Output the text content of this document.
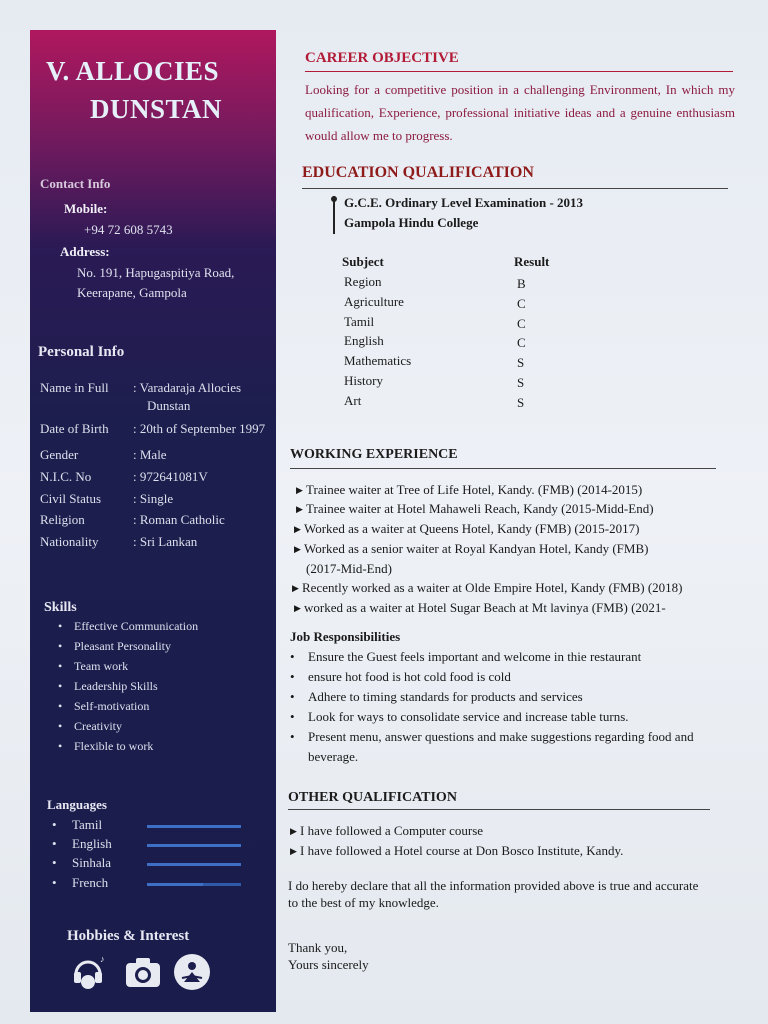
V. ALLOCIES
DUNSTAN
Contact Info
Mobile:
+94 72 608 5743
Address:
No. 191, Hapugaspitiya Road,
Keerapane, Gampola
Personal Info
Name in Full	: Varadaraja Allocies
Dunstan
Date of Birth	: 20th of September 1997
Gender	: Male
N.I.C. No	: 972641081V
Civil Status	: Single
Religion	: Roman Catholic
Nationality	: Sri Lankan
Skills
• Effective Communication
• Pleasant Personality
• Team work
• Leadership Skills
• Self-motivation
• Creativity
• Flexible to work
Languages
• Tamil
• English
• Sinhala
• French
Hobbies & Interest
♪
CAREER OBJECTIVE
Looking for a competitive position in a challenging Environment, In which my qualification, Experience, professional initiative ideas and a genuine enthusiasm would allow me to progress.
EDUCATION QUALIFICATION
G.C.E. Ordinary Level Examination - 2013
Gampola Hindu College
Subject	Result
Region	B
Agriculture	C
Tamil	C
English	C
Mathematics	S
History	S
Art	S
WORKING EXPERIENCE
▶ Trainee waiter at Tree of Life Hotel, Kandy. (FMB) (2014-2015)
▶ Trainee waiter at Hotel Mahaweli Reach, Kandy (2015-Midd-End)
▶ Worked as a waiter at Queens Hotel, Kandy (FMB) (2015-2017)
▶ Worked as a senior waiter at Royal Kandyan Hotel, Kandy (FMB)
(2017-Mid-End)
▶ Recently worked as a waiter at Olde Empire Hotel, Kandy (FMB) (2018)
▶ worked as a waiter at Hotel Sugar Beach at Mt lavinya (FMB) (2021-
Job Responsibilities
•	Ensure the Guest feels important and welcome in thie restaurant
•	ensure hot food is hot cold food is cold
•	Adhere to timing standards for products and services
•	Look for ways to consolidate service and increase table turns.
•	Present menu, answer questions and make suggestions regarding food and beverage.
OTHER QUALIFICATION
▶ I have followed a Computer course
▶ I have followed a Hotel course at Don Bosco Institute, Kandy.
I do hereby declare that all the information provided above is true and accurate to the best of my knowledge.
Thank you,
Yours sincerely
